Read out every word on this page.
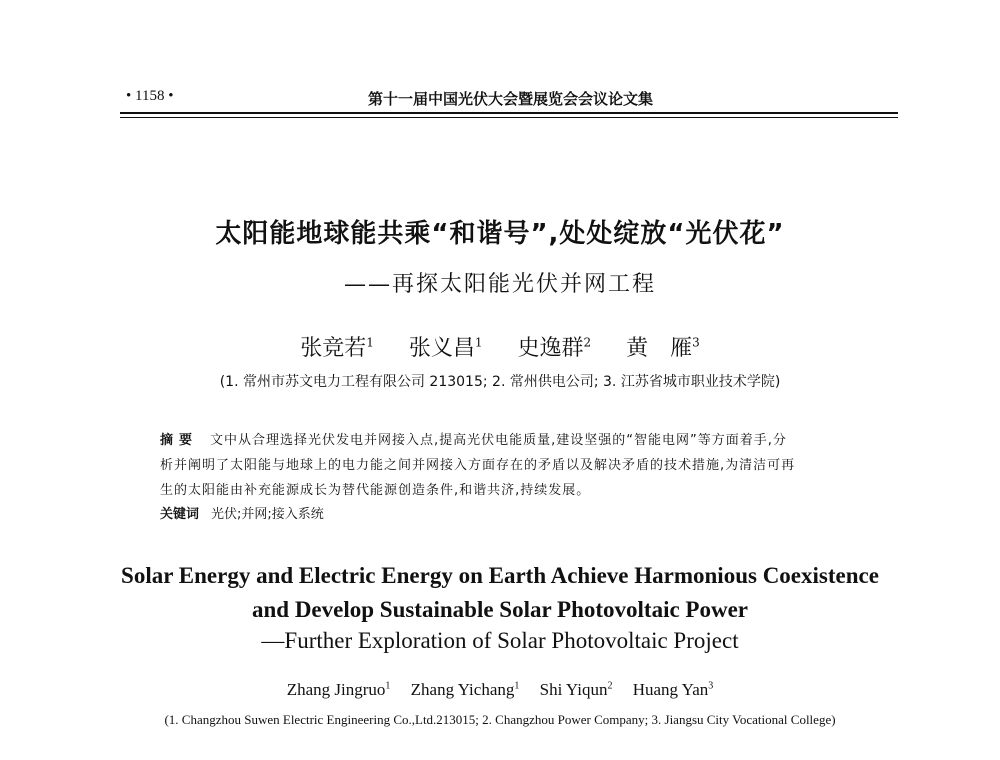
• 1158 •	第十一届中国光伏大会暨展览会会议论文集
太阳能地球能共乘“和谐号”,处处绽放“光伏花”
——再探太阳能光伏并网工程
张竞若$^1$ 张义昌$^1$ 史逸群$^2$ 黄　雁$^3$
(1. 常州市苏文电力工程有限公司 213015; 2. 常州供电公司; 3. 江苏省城市职业技术学院)
摘要 文中从合理选择光伏发电并网接入点,提高光伏电能质量,建设坚强的“智能电网”等方面着手,分
析并阐明了太阳能与地球上的电力能之间并网接入方面存在的矛盾以及解决矛盾的技术措施,为清洁可再
生的太阳能由补充能源成长为替代能源创造条件,和谐共济,持续发展。
关键词 光伏;并网;接入系统
Solar Energy and Electric Energy on Earth Achieve Harmonious Coexistence
and Develop Sustainable Solar Photovoltaic Power
—Further Exploration of Solar Photovoltaic Project
Zhang Jingruo$^1$ Zhang Yichang$^1$ Shi Yiqun$^2$ Huang Yan$^3$
(1. Changzhou Suwen Electric Engineering Co.,Ltd.213015; 2. Changzhou Power Company; 3. Jiangsu City Vocational College)
